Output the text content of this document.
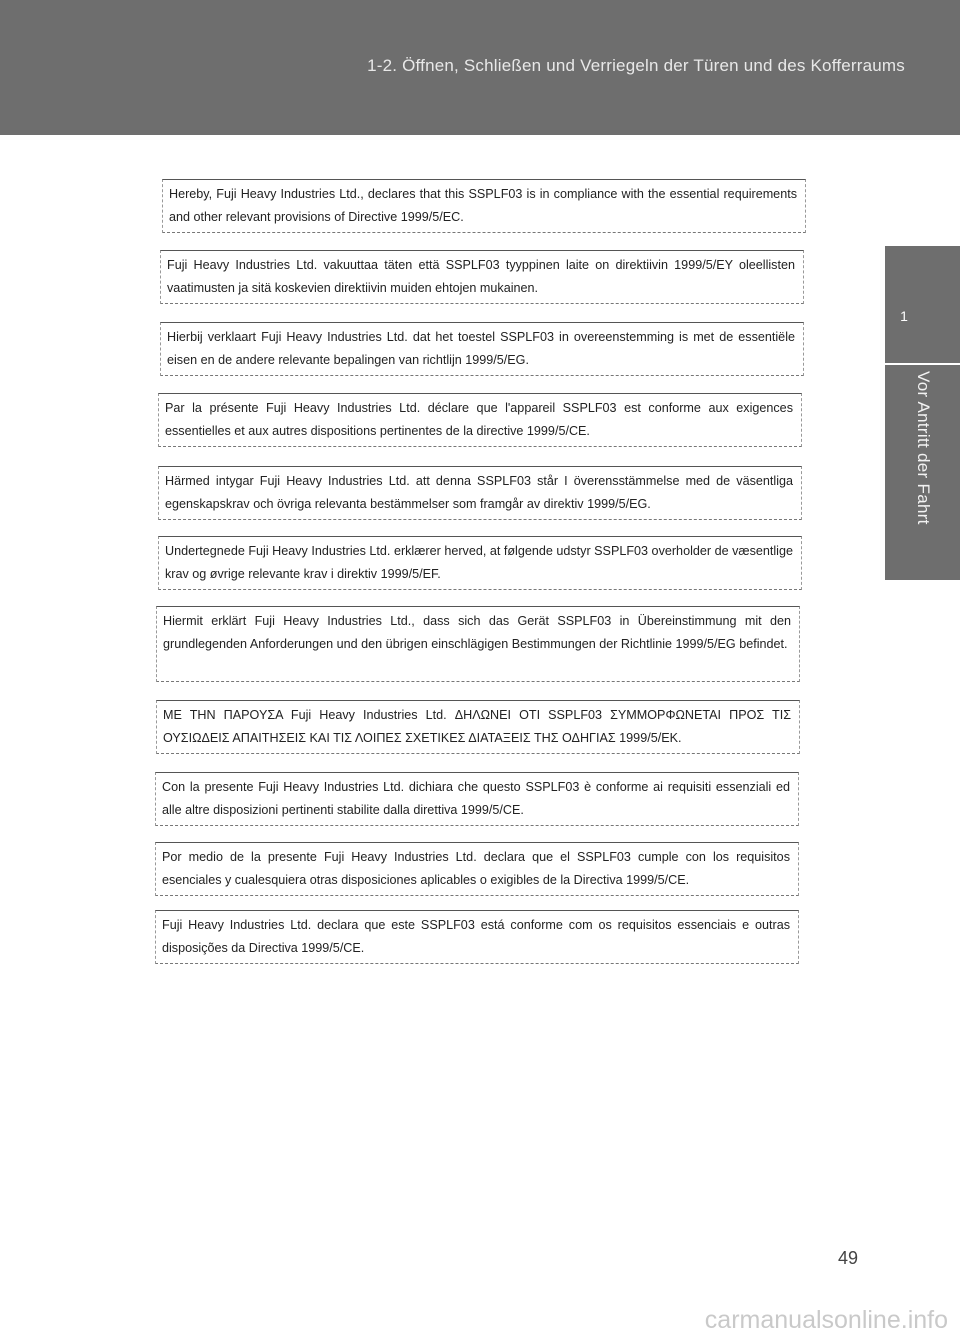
1-2. Öffnen, Schließen und Verriegeln der Türen und des Kofferraums
1
Vor Antritt der Fahrt
Hereby, Fuji Heavy Industries Ltd., declares that this SSPLF03 is in compliance with the essential requirements and other relevant provisions of Directive 1999/5/EC.
Fuji Heavy Industries Ltd. vakuuttaa täten että SSPLF03 tyyppinen laite on direktiivin 1999/5/EY oleellisten vaatimusten ja sitä koskevien direktiivin muiden ehtojen mukainen.
Hierbij verklaart Fuji Heavy Industries Ltd. dat het toestel SSPLF03 in overeenstemming is met de essentiële eisen en de andere relevante bepalingen van richtlijn 1999/5/EG.
Par la présente Fuji Heavy Industries Ltd. déclare que l'appareil SSPLF03 est conforme aux exigences essentielles et aux autres dispositions pertinentes de la directive 1999/5/CE.
Härmed intygar Fuji Heavy Industries Ltd. att denna SSPLF03 står I överensstämmelse med de väsentliga egenskapskrav och övriga relevanta bestämmelser som framgår av direktiv 1999/5/EG.
Undertegnede Fuji Heavy Industries Ltd. erklærer herved, at følgende udstyr SSPLF03 overholder de væsentlige krav og øvrige relevante krav i direktiv 1999/5/EF.
Hiermit erklärt Fuji Heavy Industries Ltd., dass sich das Gerät SSPLF03 in Übereinstimmung mit den grundlegenden Anforderungen und den übrigen einschlägigen Bestimmungen der Richtlinie 1999/5/EG befindet.
ΜΕ ΤΗΝ ΠΑΡΟΥΣΑ Fuji Heavy Industries Ltd. ΔΗΛΩΝΕΙ ΟΤΙ SSPLF03 ΣΥΜΜΟΡΦΩΝΕΤΑΙ ΠΡΟΣ ΤΙΣ ΟΥΣΙΩΔΕΙΣ ΑΠΑΙΤΗΣΕΙΣ ΚΑΙ ΤΙΣ ΛΟΙΠΕΣ ΣΧΕΤΙΚΕΣ ΔΙΑΤΑΞΕΙΣ ΤΗΣ ΟΔΗΓΙΑΣ 1999/5/ΕΚ.
Con la presente Fuji Heavy Industries Ltd. dichiara che questo SSPLF03 è conforme ai requisiti essenziali ed alle altre disposizioni pertinenti stabilite dalla direttiva 1999/5/CE.
Por medio de la presente Fuji Heavy Industries Ltd. declara que el SSPLF03 cumple con los requisitos esenciales y cualesquiera otras disposiciones aplicables o exigibles de la Directiva 1999/5/CE.
Fuji Heavy Industries Ltd. declara que este SSPLF03 está conforme com os requisitos essenciais e outras disposições da Directiva 1999/5/CE.
49
carmanualsonline.info
